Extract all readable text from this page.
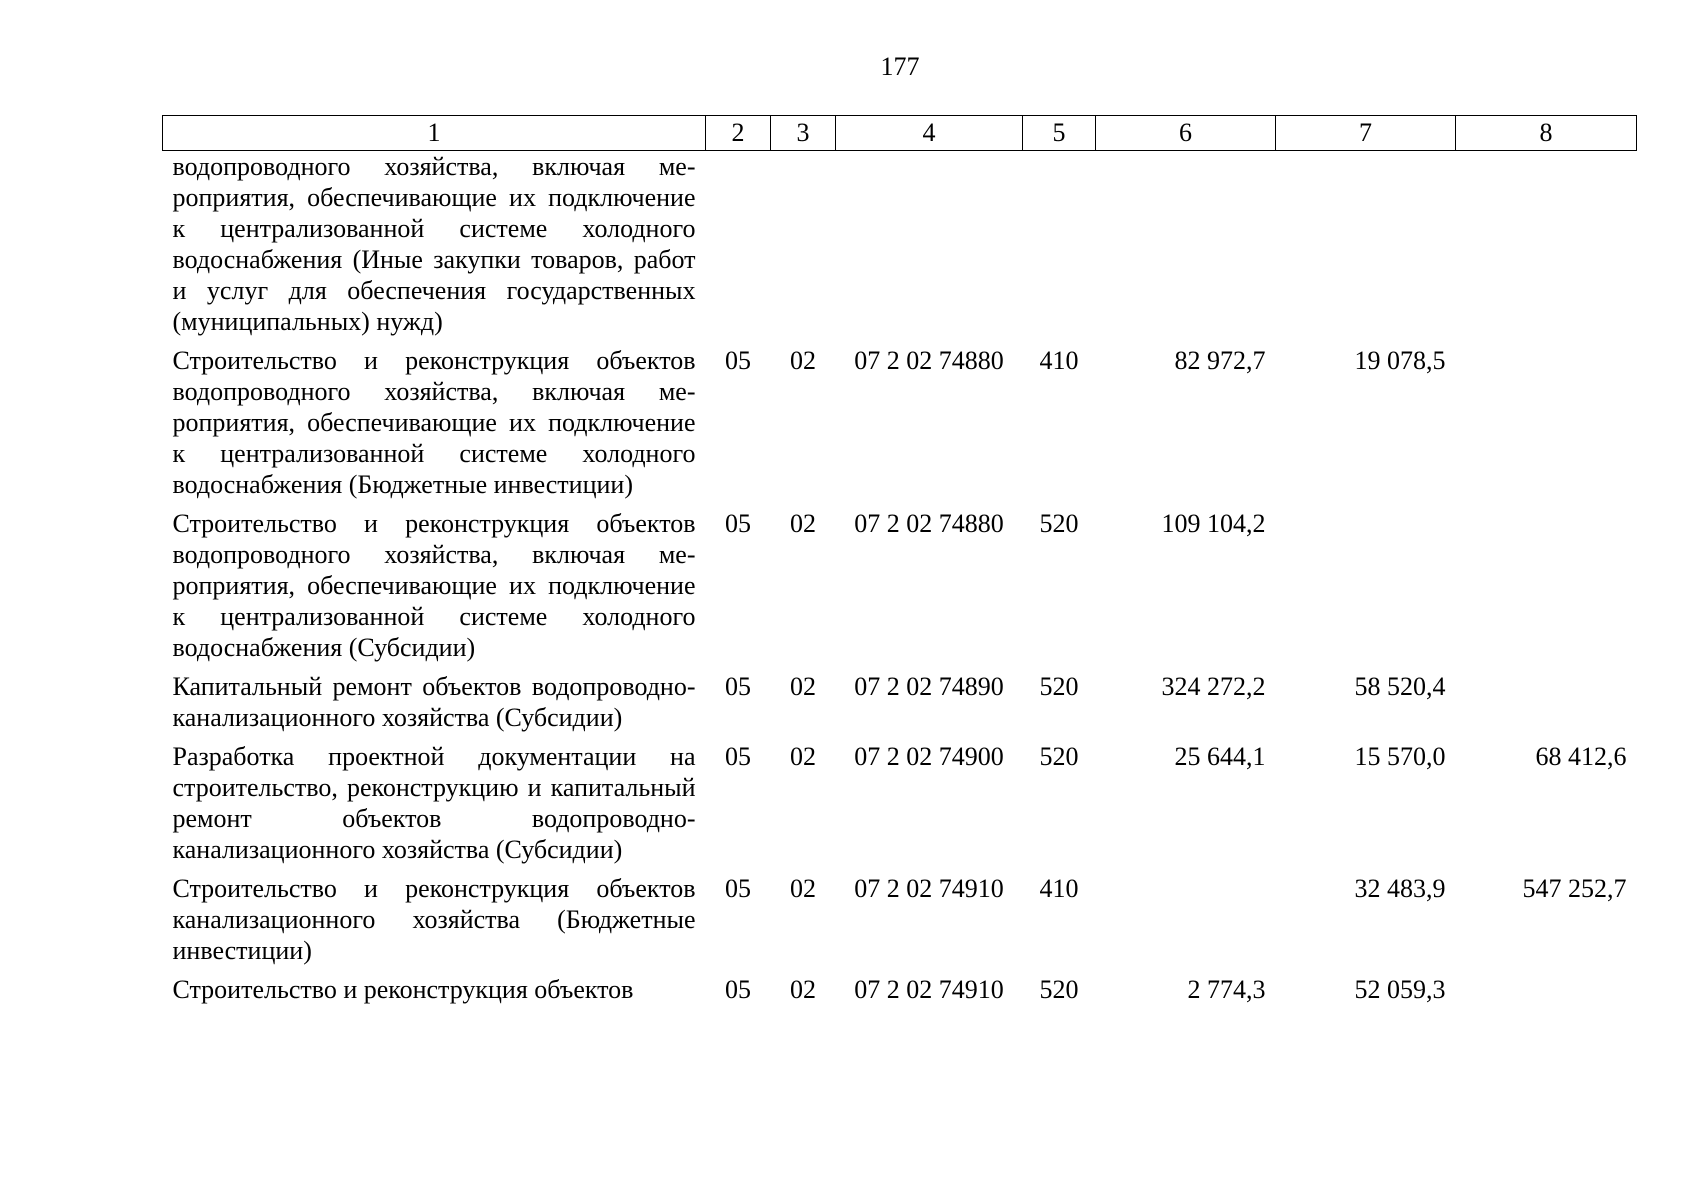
177
1	2	3	4	5	6	7	8
водопроводного хозяйства, включая мероприятия, обеспечивающие их подключение к централизованной системе холодного водоснабжения (Иные закупки товаров, работ и услуг для обеспечения государственных (муниципальных) нужд)							
Строительство и реконструкция объектов водопроводного хозяйства, включая мероприятия, обеспечивающие их подключение к централизованной системе холодного водоснабжения (Бюджетные инвестиции)	05	02	07 2 02 74880	410	82 972,7	19 078,5	
Строительство и реконструкция объектов водопроводного хозяйства, включая мероприятия, обеспечивающие их подключение к централизованной системе холодного водоснабжения (Субсидии)	05	02	07 2 02 74880	520	109 104,2		
Капитальный ремонт объектов водопроводно-канализационного хозяйства (Субсидии)	05	02	07 2 02 74890	520	324 272,2	58 520,4	
Разработка проектной документации на строительство, реконструкцию и капитальный ремонт объектов водопроводно-канализационного хозяйства (Субсидии)	05	02	07 2 02 74900	520	25 644,1	15 570,0	68 412,6
Строительство и реконструкция объектов канализационного хозяйства (Бюджетные инвестиции)	05	02	07 2 02 74910	410		32 483,9	547 252,7
Строительство и реконструкция объектов	05	02	07 2 02 74910	520	2 774,3	52 059,3	
